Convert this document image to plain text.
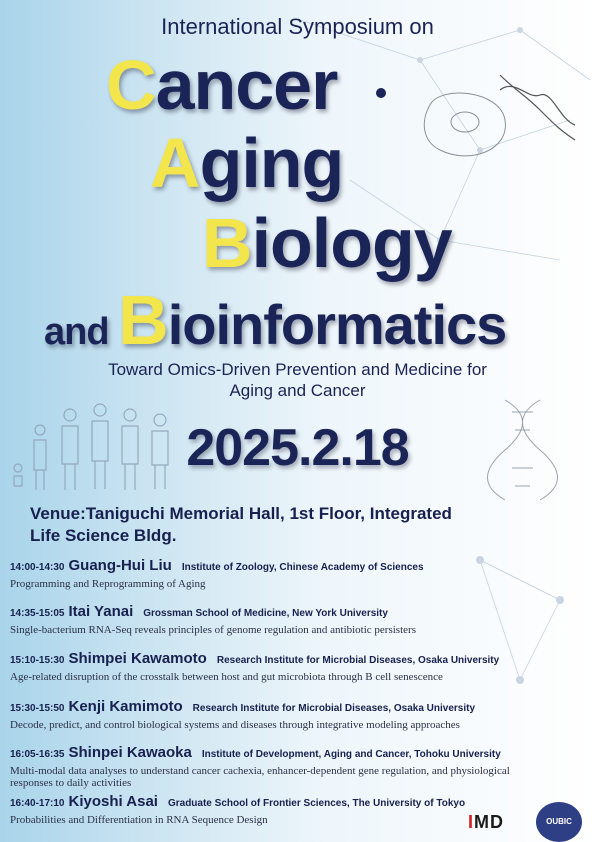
International Symposium on
Cancer
Aging
Biology
and Bioinformatics
Toward Omics-Driven Prevention and Medicine for
Aging and Cancer
2025.2.18
Venue:Taniguchi Memorial Hall, 1st Floor, Integrated
Life Science Bldg.
14:00-14:30 Guang-Hui Liu Institute of Zoology, Chinese Academy of Sciences
Programming and Reprogramming of Aging
14:35-15:05 Itai Yanai Grossman School of Medicine, New York University
Single-bacterium RNA-Seq reveals principles of genome regulation and antibiotic persisters
15:10-15:30 Shimpei Kawamoto Research Institute for Microbial Diseases, Osaka University
Age-related disruption of the crosstalk between host and gut microbiota through B cell senescence
15:30-15:50 Kenji Kamimoto Research Institute for Microbial Diseases, Osaka University
Decode, predict, and control biological systems and diseases through integrative modeling approaches
16:05-16:35 Shinpei Kawaoka Institute of Development, Aging and Cancer, Tohoku University
Multi-modal data analyses to understand cancer cachexia, enhancer-dependent gene regulation, and physiological responses to daily activities
16:40-17:10 Kiyoshi Asai Graduate School of Frontier Sciences, The University of Tokyo
Probabilities and Differentiation in RNA Sequence Design	IMD	OUBIC
